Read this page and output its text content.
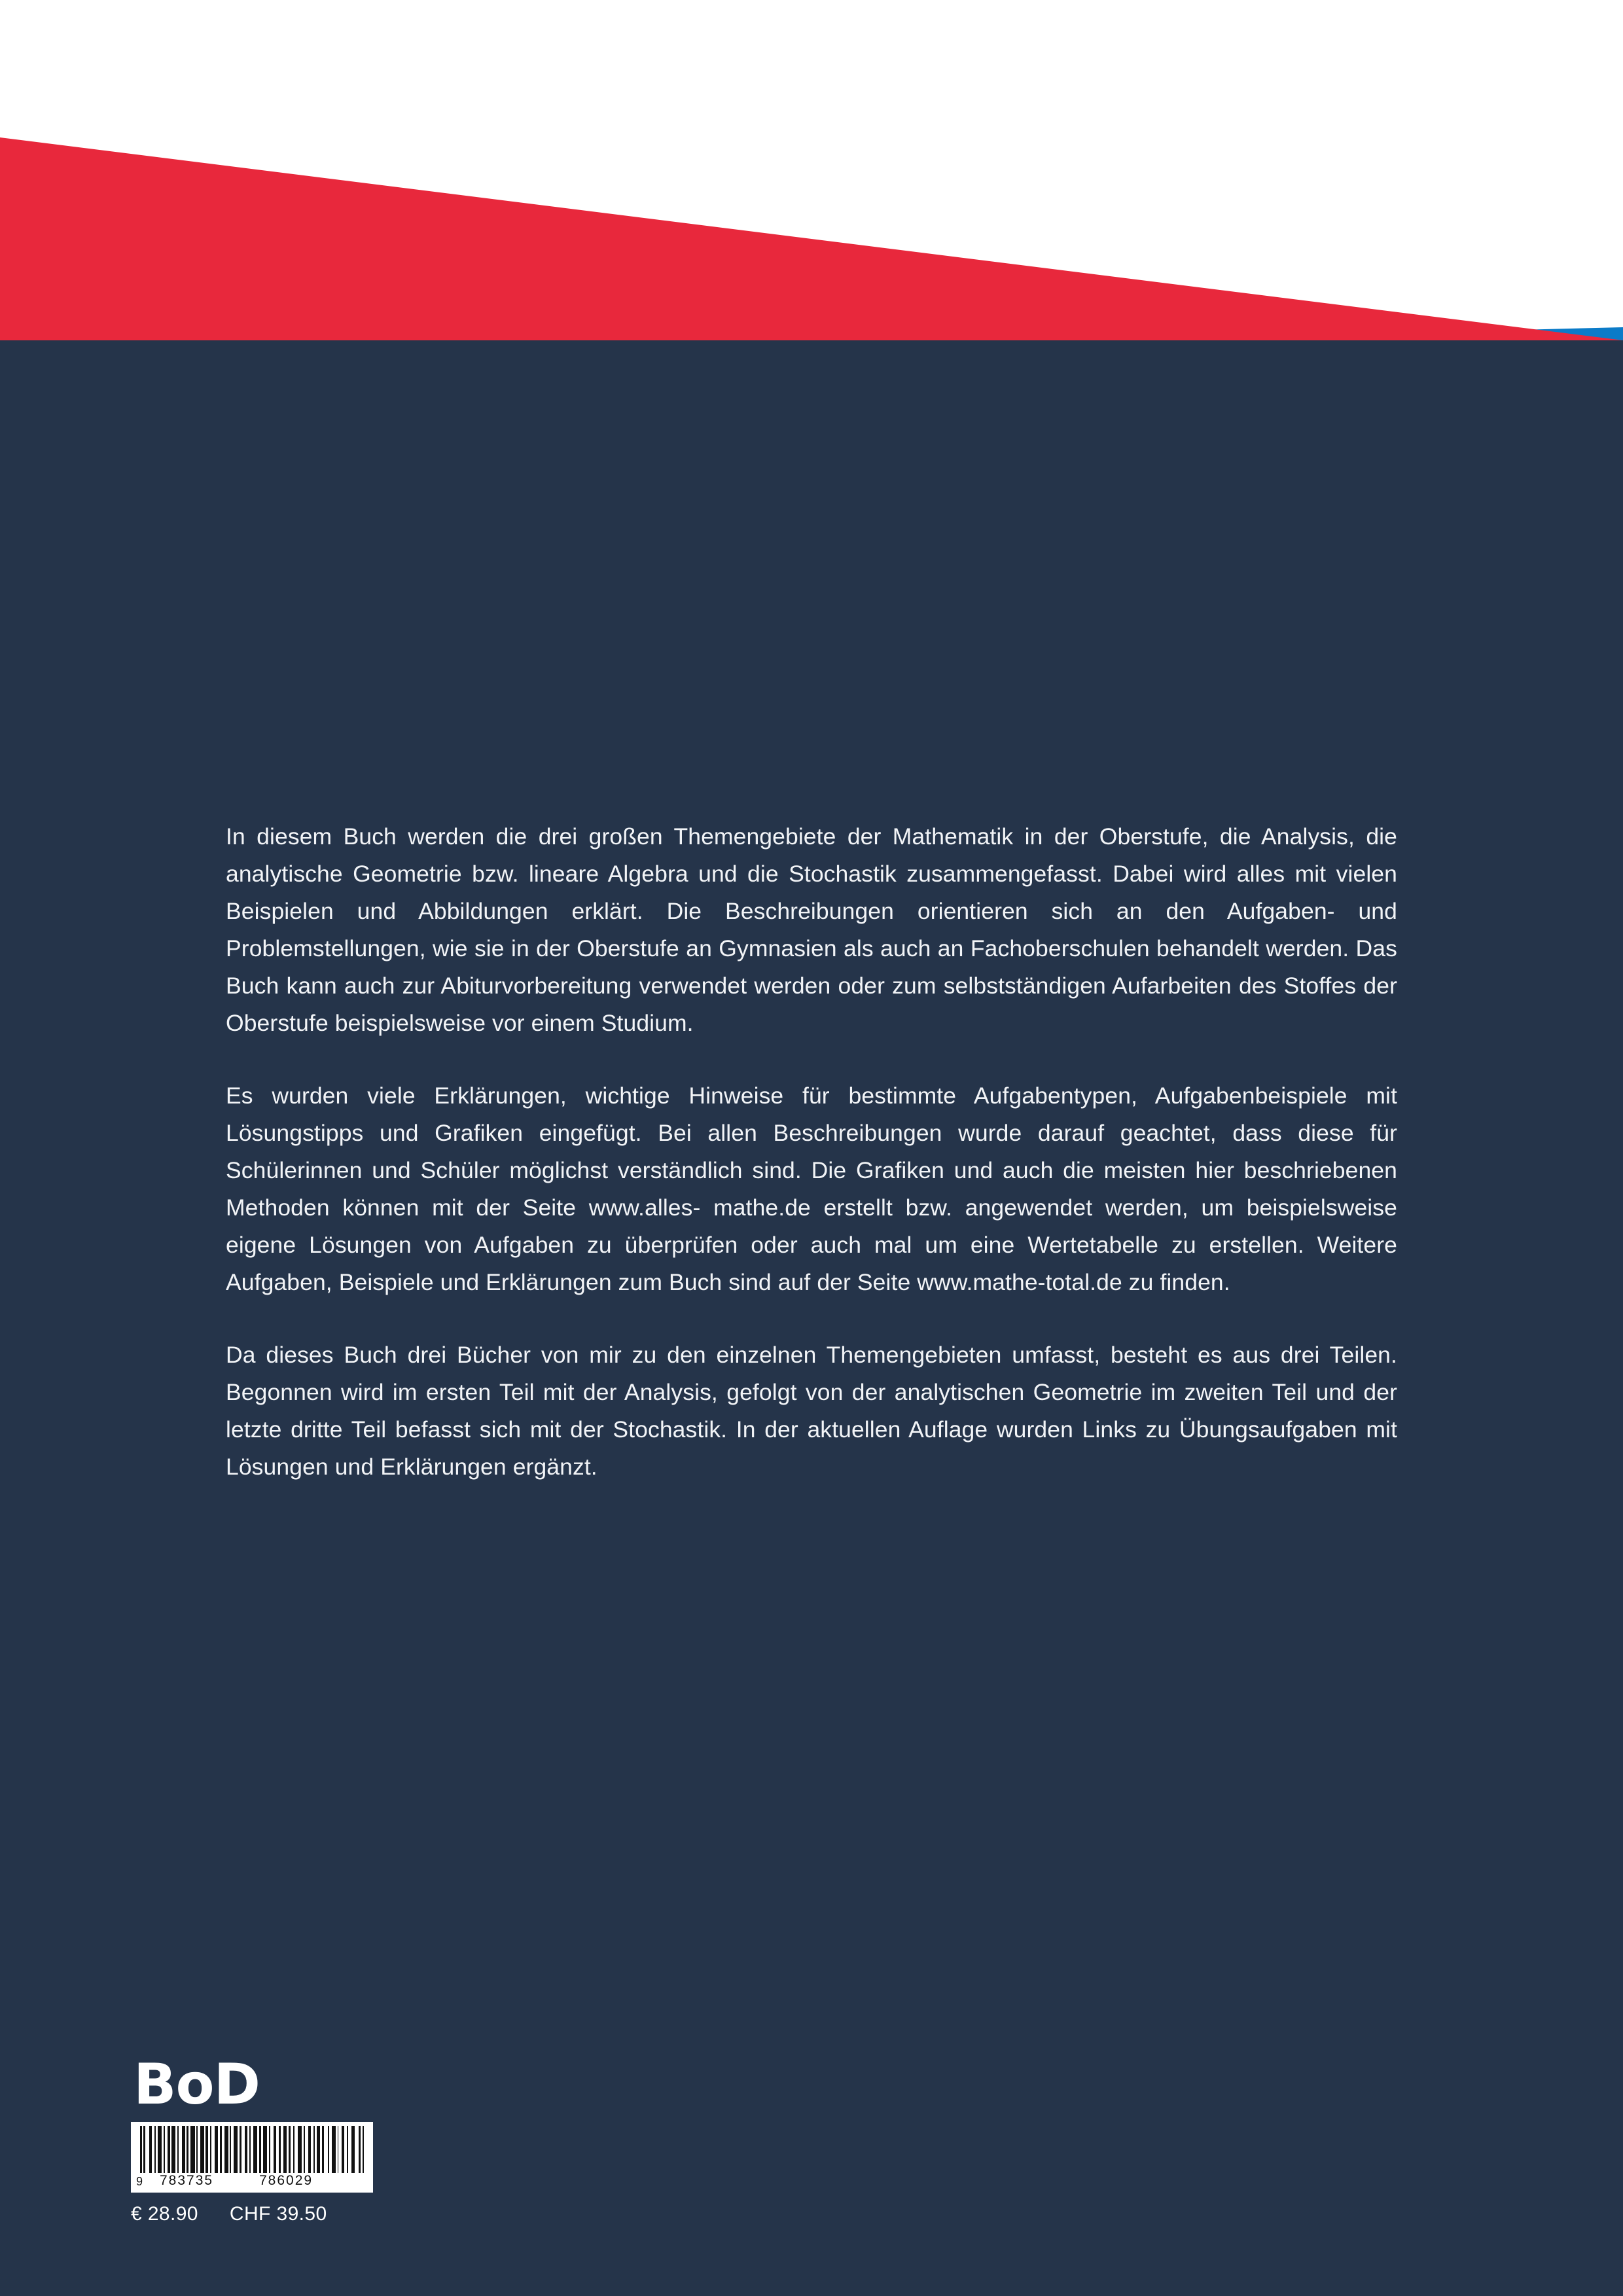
In diesem Buch werden die drei großen Themengebiete der Mathematik in der Oberstufe, die Analysis, die analytische Geometrie bzw. lineare Algebra und die Stochastik zusammengefasst. Dabei wird alles mit vielen Beispielen und Abbildungen erklärt. Die Beschreibungen orientieren sich an den Aufgaben- und Problemstellungen, wie sie in der Oberstufe an Gymnasien als auch an Fachoberschulen behandelt werden. Das Buch kann auch zur Abiturvorbereitung verwendet werden oder zum selbstständigen Aufarbeiten des Stoffes der Oberstufe beispielsweise vor einem Studium.

Es wurden viele Erklärungen, wichtige Hinweise für bestimmte Aufgabentypen, Aufgabenbeispiele mit Lösungstipps und Grafiken eingefügt. Bei allen Beschreibungen wurde darauf geachtet, dass diese für Schülerinnen und Schüler möglichst verständlich sind. Die Grafiken und auch die meisten hier beschriebenen Methoden können mit der Seite www.alles- mathe.de erstellt bzw. angewendet werden, um beispielsweise eigene Lösungen von Aufgaben zu überprüfen oder auch mal um eine Wertetabelle zu erstellen. Weitere Aufgaben, Beispiele und Erklärungen zum Buch sind auf der Seite www.mathe-total.de zu finden.

Da dieses Buch drei Bücher von mir zu den einzelnen Themengebieten umfasst, besteht es aus drei Teilen. Begonnen wird im ersten Teil mit der Analysis, gefolgt von der analytischen Geometrie im zweiten Teil und der letzte dritte Teil befasst sich mit der Stochastik. In der aktuellen Auflage wurden Links zu Übungsaufgaben mit Lösungen und Erklärungen ergänzt.

BoD
9 783735	786029
€ 28.90 CHF 39.50
